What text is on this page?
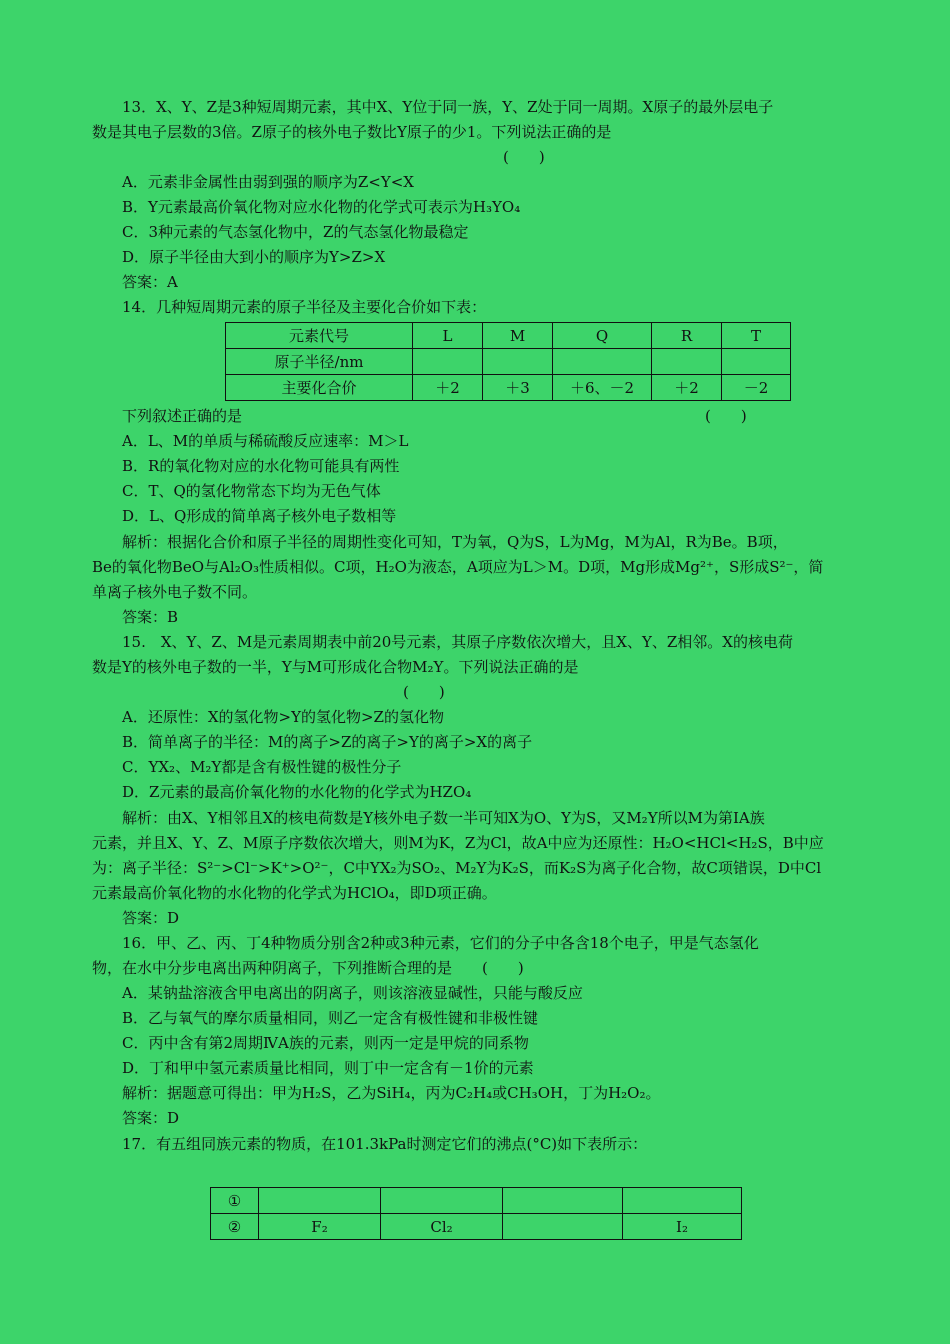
13．X、Y、Z是3种短周期元素，其中X、Y位于同一族，Y、Z处于同一周期。X原子的最外层电子
数是其电子层数的3倍。Z原子的核外电子数比Y原子的少1。下列说法正确的是
(　　)
A．元素非金属性由弱到强的顺序为Z<Y<X
B．Y元素最高价氧化物对应水化物的化学式可表示为H₃YO₄
C．3种元素的气态氢化物中，Z的气态氢化物最稳定
D．原子半径由大到小的顺序为Y>Z>X
答案：A
14．几种短周期元素的原子半径及主要化合价如下表：
元素代号	L	M	Q	R	T
原子半径/nm					
主要化合价	＋2	＋3	＋6、－2	＋2	－2
下列叙述正确的是	(　　)
A．L、M的单质与稀硫酸反应速率：M＞L
B．R的氧化物对应的水化物可能具有两性
C．T、Q的氢化物常态下均为无色气体
D．L、Q形成的简单离子核外电子数相等
解析：根据化合价和原子半径的周期性变化可知，T为氧，Q为S，L为Mg，M为Al，R为Be。B项，
Be的氧化物BeO与Al₂O₃性质相似。C项，H₂O为液态，A项应为L＞M。D项，Mg形成Mg²⁺，S形成S²⁻，简
单离子核外电子数不同。
答案：B
15.　X、Y、Z、M是元素周期表中前20号元素，其原子序数依次增大，且X、Y、Z相邻。X的核电荷
数是Y的核外电子数的一半，Y与M可形成化合物M₂Y。下列说法正确的是
(　　)
A．还原性：X的氢化物>Y的氢化物>Z的氢化物
B．简单离子的半径：M的离子>Z的离子>Y的离子>X的离子
C．YX₂、M₂Y都是含有极性键的极性分子
D．Z元素的最高价氧化物的水化物的化学式为HZO₄
解析：由X、Y相邻且X的核电荷数是Y核外电子数一半可知X为O、Y为S，又M₂Y所以M为第ⅠA族
元素，并且X、Y、Z、M原子序数依次增大，则M为K，Z为Cl，故A中应为还原性：H₂O<HCl<H₂S，B中应
为：离子半径：S²⁻>Cl⁻>K⁺>O²⁻，C中YX₂为SO₂、M₂Y为K₂S，而K₂S为离子化合物，故C项错误，D中Cl
元素最高价氧化物的水化物的化学式为HClO₄，即D项正确。
答案：D
16．甲、乙、丙、丁4种物质分别含2种或3种元素，它们的分子中各含18个电子，甲是气态氢化
物，在水中分步电离出两种阴离子，下列推断合理的是　　(　　)
A．某钠盐溶液含甲电离出的阴离子，则该溶液显碱性，只能与酸反应
B．乙与氧气的摩尔质量相同，则乙一定含有极性键和非极性键
C．丙中含有第2周期ⅣA族的元素，则丙一定是甲烷的同系物
D．丁和甲中氢元素质量比相同，则丁中一定含有－1价的元素
解析：据题意可得出：甲为H₂S，乙为SiH₄，丙为C₂H₄或CH₃OH，丁为H₂O₂。
答案：D
17．有五组同族元素的物质，在101.3kPa时测定它们的沸点(°C)如下表所示：
①				
②	F₂	Cl₂		I₂
